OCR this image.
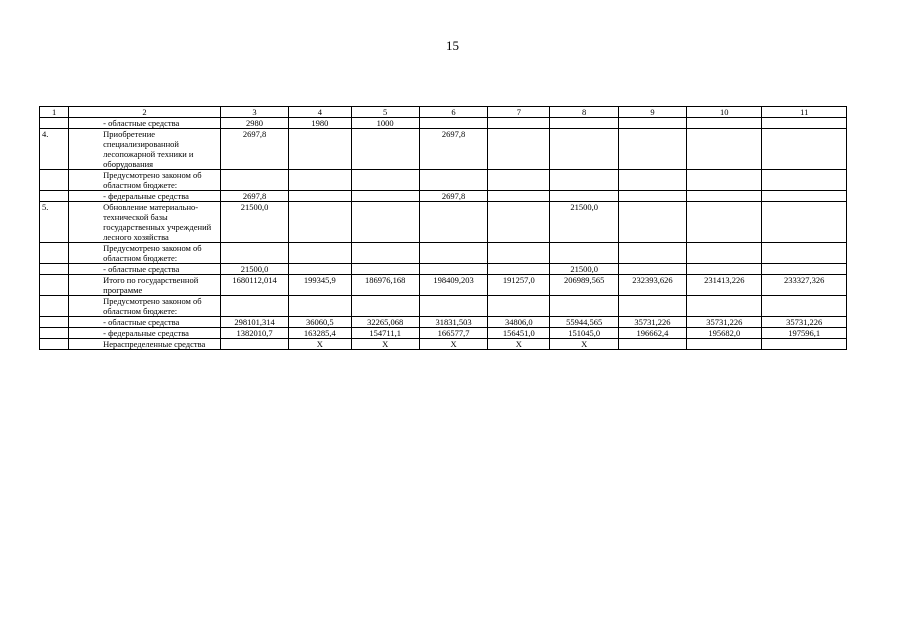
15
1	2	3	4	5	6	7	8	9	10	11
	- областные средства	2980	1980	1000						
4.	Приобретение специализированной лесопожарной техники и оборудования	2697,8			2697,8					
	Предусмотрено законом об областном бюджете:									
	- федеральные средства	2697,8			2697,8					
5.	Обновление материально-технической базы государственных учреждений лесного хозяйства	21500,0					21500,0			
	Предусмотрено законом об областном бюджете:									
	- областные средства	21500,0					21500,0			
	Итого по государственной программе	1680112,014	199345,9	186976,168	198409,203	191257,0	206989,565	232393,626	231413,226	233327,326
	Предусмотрено законом об областном бюджете:									
	- областные средства	298101,314	36060,5	32265,068	31831,503	34806,0	55944,565	35731,226	35731,226	35731,226
	- федеральные средства	1382010,7	163285,4	154711,1	166577,7	156451,0	151045,0	196662,4	195682,0	197596,1
	Нераспределенные средства		Х	Х	Х	Х	Х			
